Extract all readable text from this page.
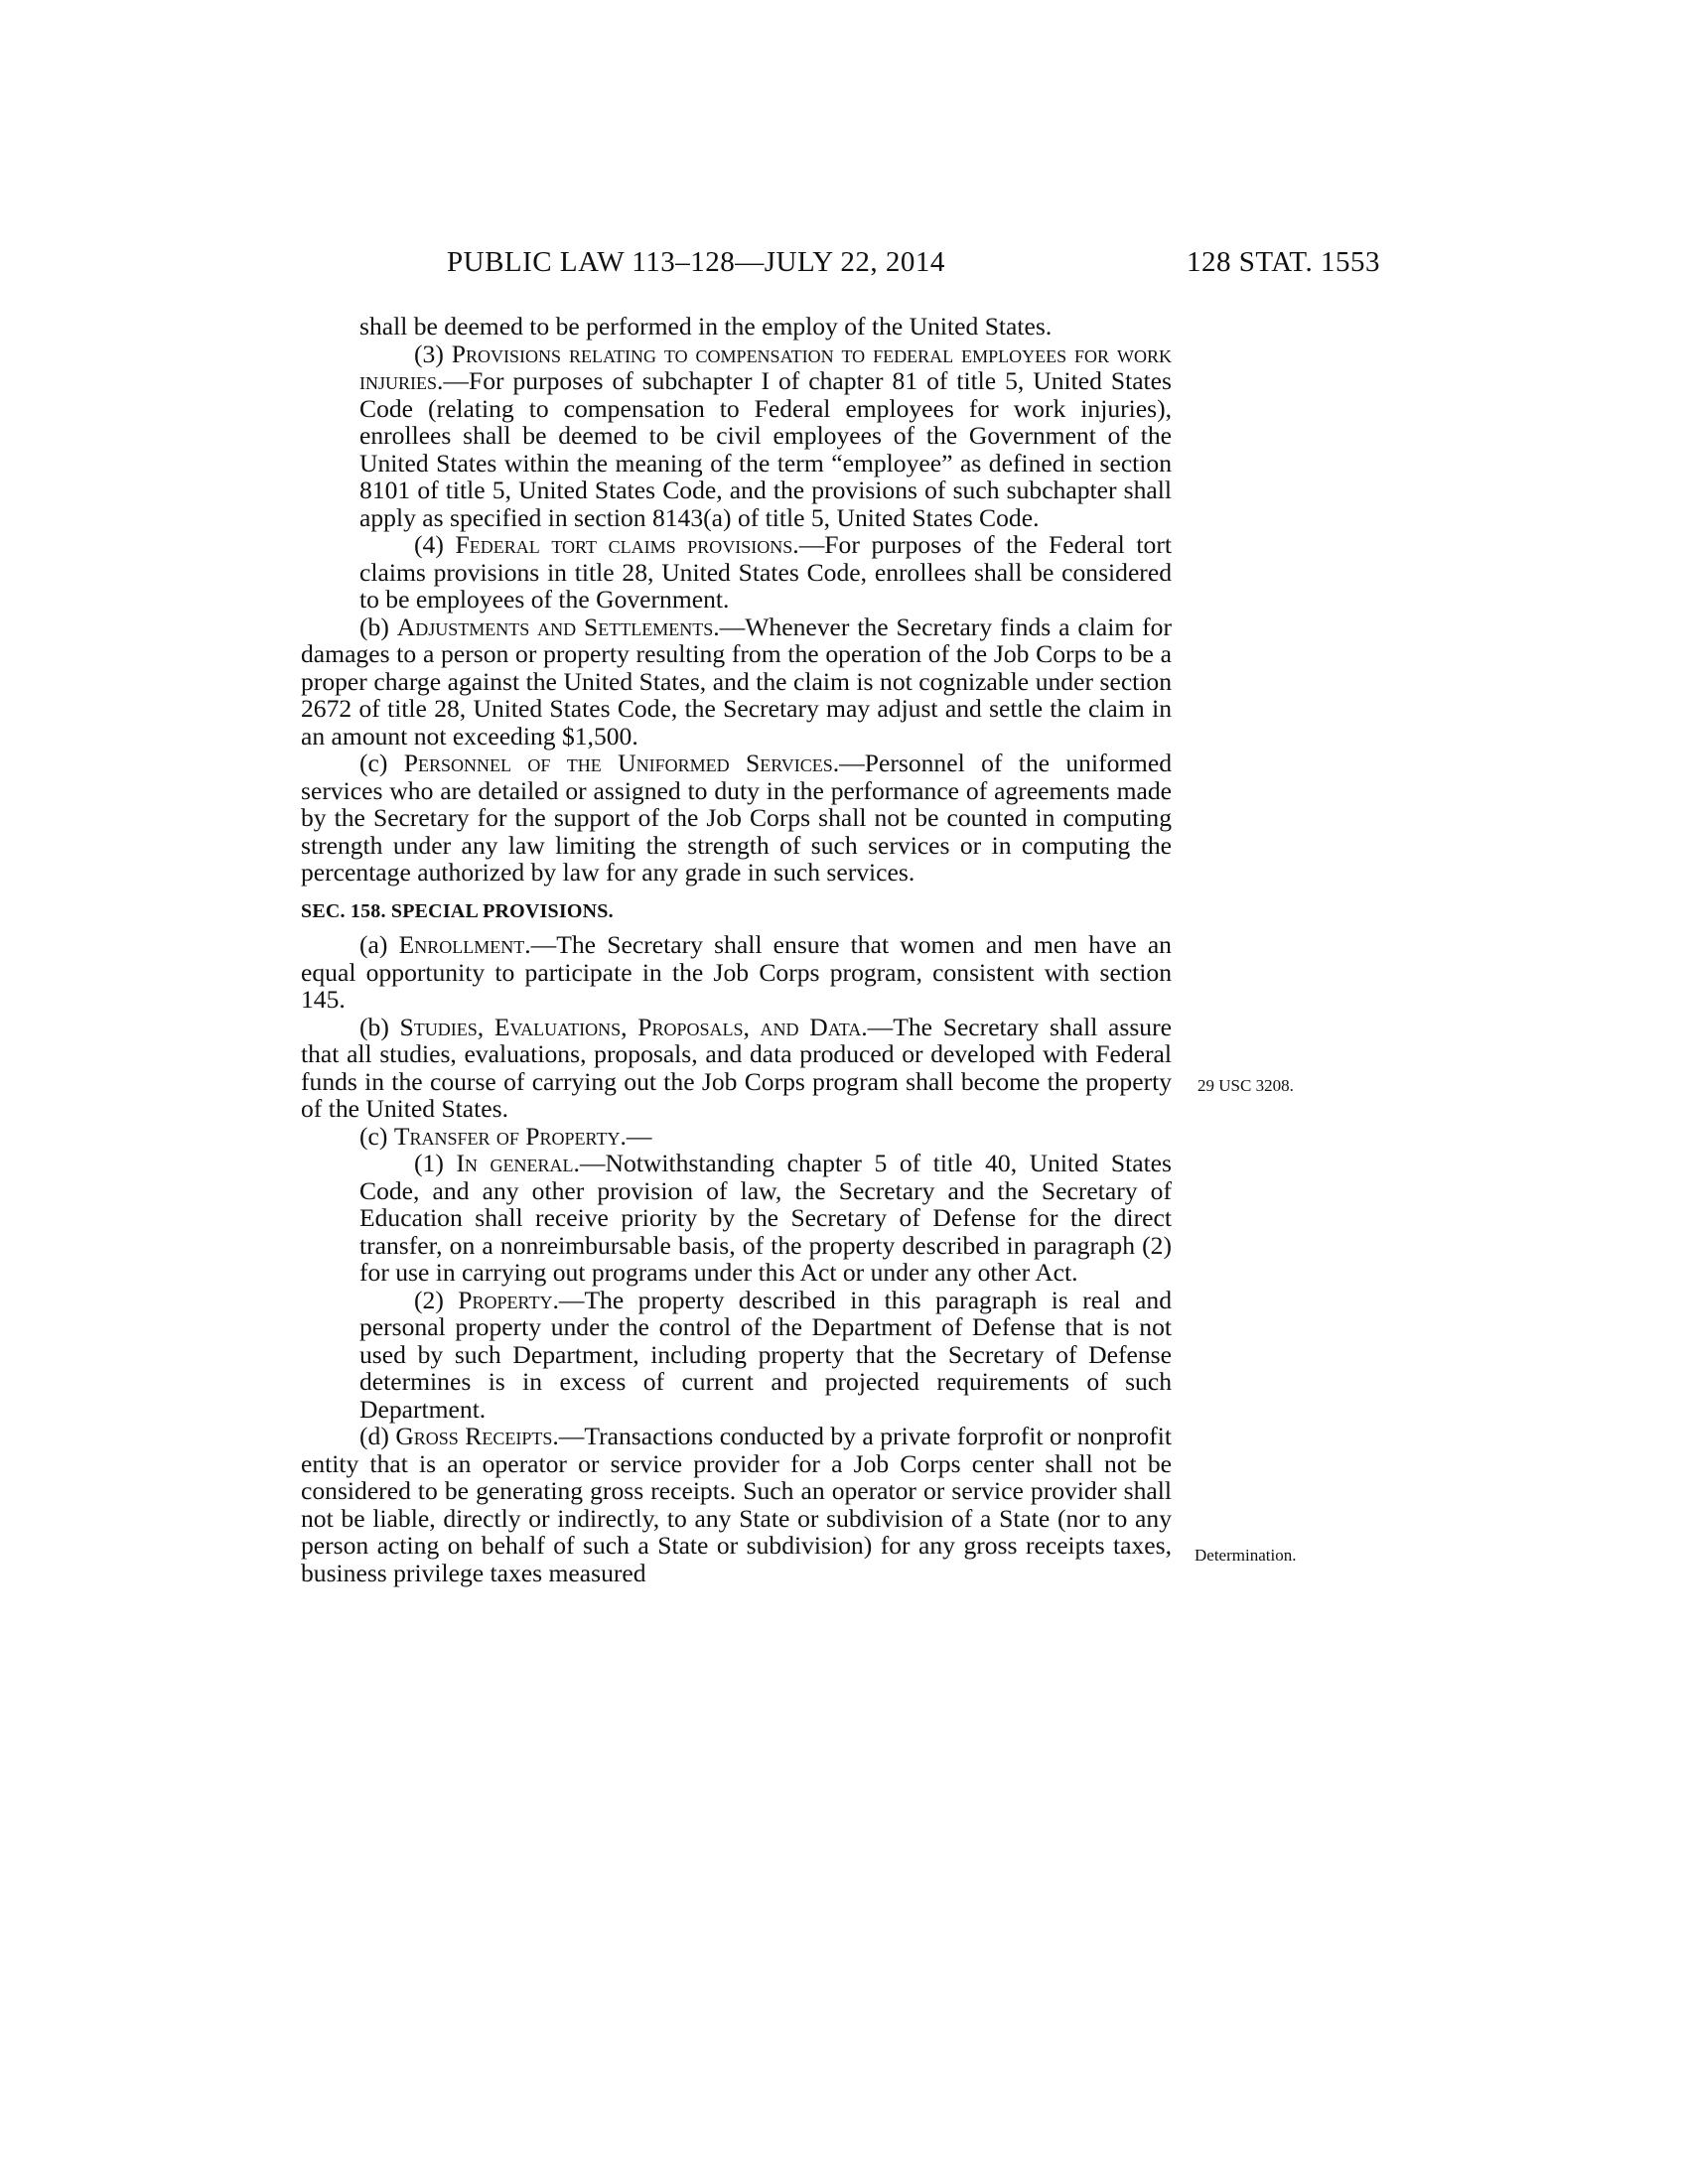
PUBLIC LAW 113–128—JULY 22, 2014	128 STAT. 1553
29 USC 3208.
Determination.

shall be deemed to be performed in the employ of the United States.

(3) Provisions relating to compensation to federal employees for work injuries.—For purposes of subchapter I of chapter 81 of title 5, United States Code (relating to compensation to Federal employees for work injuries), enrollees shall be deemed to be civil employees of the Government of the United States within the meaning of the term “employee” as defined in section 8101 of title 5, United States Code, and the provisions of such subchapter shall apply as specified in section 8143(a) of title 5, United States Code.

(4) Federal tort claims provisions.—For purposes of the Federal tort claims provisions in title 28, United States Code, enrollees shall be considered to be employees of the Government.

(b) Adjustments and Settlements.—Whenever the Secretary finds a claim for damages to a person or property resulting from the operation of the Job Corps to be a proper charge against the United States, and the claim is not cognizable under section 2672 of title 28, United States Code, the Secretary may adjust and settle the claim in an amount not exceeding $1,500.

(c) Personnel of the Uniformed Services.—Personnel of the uniformed services who are detailed or assigned to duty in the performance of agreements made by the Secretary for the support of the Job Corps shall not be counted in computing strength under any law limiting the strength of such services or in computing the percentage authorized by law for any grade in such services.

SEC. 158. SPECIAL PROVISIONS.

(a) Enrollment.—The Secretary shall ensure that women and men have an equal opportunity to participate in the Job Corps program, consistent with section 145.

(b) Studies, Evaluations, Proposals, and Data.—The Secretary shall assure that all studies, evaluations, proposals, and data produced or developed with Federal funds in the course of carrying out the Job Corps program shall become the property of the United States.

(c) Transfer of Property.—

(1) In general.—Notwithstanding chapter 5 of title 40, United States Code, and any other provision of law, the Secretary and the Secretary of Education shall receive priority by the Secretary of Defense for the direct transfer, on a nonreimbursable basis, of the property described in paragraph (2) for use in carrying out programs under this Act or under any other Act.

(2) Property.—The property described in this paragraph is real and personal property under the control of the Department of Defense that is not used by such Department, including property that the Secretary of Defense determines is in excess of current and projected requirements of such Department.

(d) Gross Receipts.—Transactions conducted by a private forprofit or nonprofit entity that is an operator or service provider for a Job Corps center shall not be considered to be generating gross receipts. Such an operator or service provider shall not be liable, directly or indirectly, to any State or subdivision of a State (nor to any person acting on behalf of such a State or subdivision) for any gross receipts taxes, business privilege taxes measured
